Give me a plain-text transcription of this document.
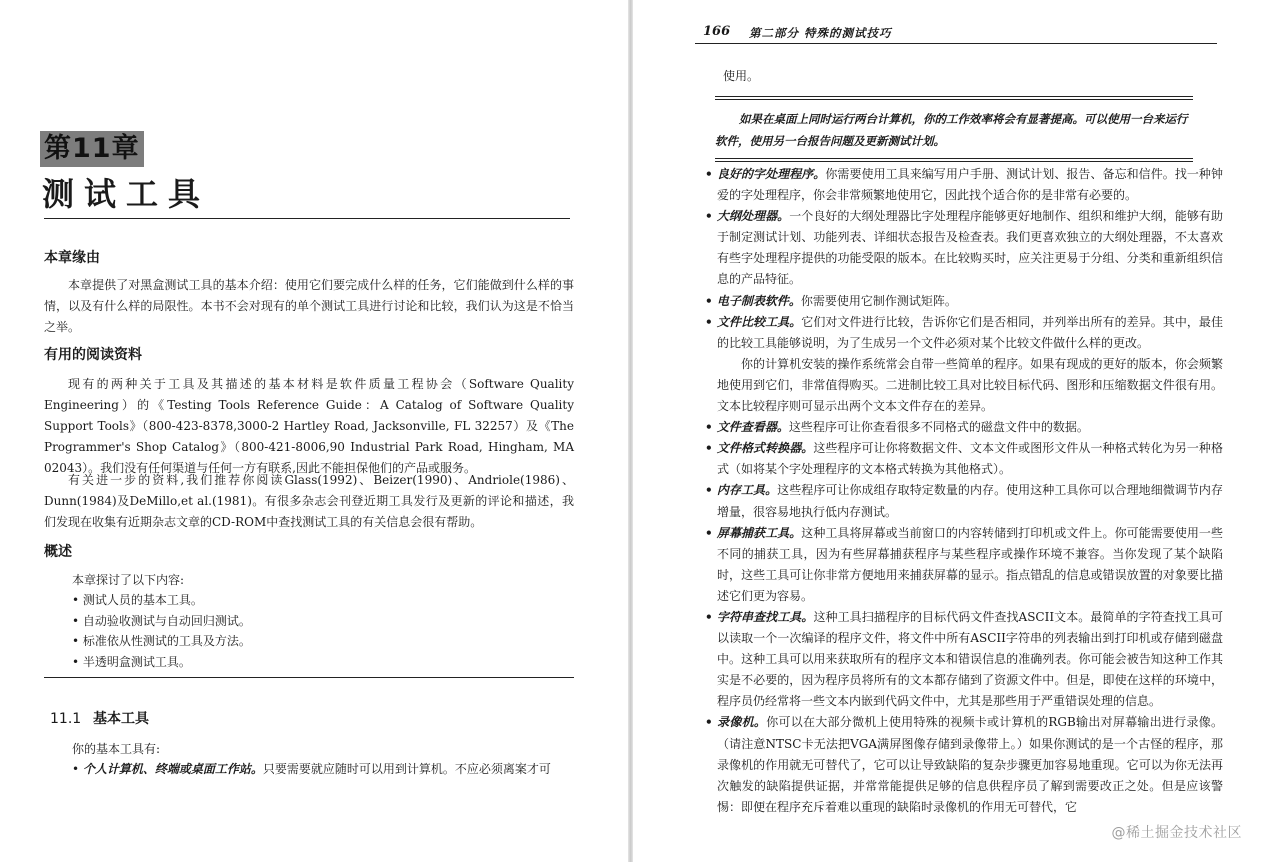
第11章
测试工具
本章缘由

本章提供了对黑盒测试工具的基本介绍：使用它们要完成什么样的任务，它们能做到什么样的事情，以及有什么样的局限性。本书不会对现有的单个测试工具进行讨论和比较，我们认为这是不恰当之举。

有用的阅读资料

现有的两种关于工具及其描述的基本材料是软件质量工程协会（Software Quality Engineering）的《Testing Tools Reference Guide：A Catalog of Software Quality Support Tools》（800-423-8378,3000-2 Hartley Road, Jacksonville, FL 32257）及《The Programmer's Shop Catalog》（800-421-8006,90 Industrial Park Road, Hingham, MA 02043）。我们没有任何渠道与任何一方有联系,因此不能担保他们的产品或服务。

有关进一步的资料,我们推荐你阅读Glass(1992)、Beizer(1990)、Andriole(1986)、Dunn(1984)及DeMillo,et al.(1981)。有很多杂志会刊登近期工具发行及更新的评论和描述，我们发现在收集有近期杂志文章的CD-ROM中查找测试工具的有关信息会很有帮助。

概述

本章探讨了以下内容:

• 测试人员的基本工具。
• 自动验收测试与自动回归测试。
• 标准依从性测试的工具及方法。
• 半透明盒测试工具。
11.1 基本工具

你的基本工具有:

• 个人计算机、终端或桌面工作站。只要需要就应随时可以用到计算机。不应必须离案才可

166 第二部分 特殊的测试技巧

使用。

如果在桌面上同时运行两台计算机，你的工作效率将会有显著提高。可以使用一台来运行软件，使用另一台报告问题及更新测试计划。
• 良好的字处理程序。你需要使用工具来编写用户手册、测试计划、报告、备忘和信件。找一种钟爱的字处理程序，你会非常频繁地使用它，因此找个适合你的是非常有必要的。
• 大纲处理器。一个良好的大纲处理器比字处理程序能够更好地制作、组织和维护大纲，能够有助于制定测试计划、功能列表、详细状态报告及检查表。我们更喜欢独立的大纲处理器，不太喜欢有些字处理程序提供的功能受限的版本。在比较购买时，应关注更易于分组、分类和重新组织信息的产品特征。
• 电子制表软件。你需要使用它制作测试矩阵。
• 文件比较工具。它们对文件进行比较，告诉你它们是否相同，并列举出所有的差异。其中，最佳的比较工具能够说明，为了生成另一个文件必须对某个比较文件做什么样的更改。
你的计算机安装的操作系统常会自带一些简单的程序。如果有现成的更好的版本，你会频繁地使用到它们，非常值得购买。二进制比较工具对比较目标代码、图形和压缩数据文件很有用。文本比较程序则可显示出两个文本文件存在的差异。
• 文件查看器。这些程序可让你查看很多不同格式的磁盘文件中的数据。
• 文件格式转换器。这些程序可让你将数据文件、文本文件或图形文件从一种格式转化为另一种格式（如将某个字处理程序的文本格式转换为其他格式）。
• 内存工具。这些程序可让你成组存取特定数量的内存。使用这种工具你可以合理地细微调节内存增量，很容易地执行低内存测试。
• 屏幕捕获工具。这种工具将屏幕或当前窗口的内容转储到打印机或文件上。你可能需要使用一些不同的捕获工具，因为有些屏幕捕获程序与某些程序或操作环境不兼容。当你发现了某个缺陷时，这些工具可让你非常方便地用来捕获屏幕的显示。指点错乱的信息或错误放置的对象要比描述它们更为容易。
• 字符串查找工具。这种工具扫描程序的目标代码文件查找ASCII文本。最简单的字符查找工具可以读取一个一次编译的程序文件，将文件中所有ASCII字符串的列表输出到打印机或存储到磁盘中。这种工具可以用来获取所有的程序文本和错误信息的准确列表。你可能会被告知这种工作其实是不必要的，因为程序员将所有的文本都存储到了资源文件中。但是，即使在这样的环境中，程序员仍经常将一些文本内嵌到代码文件中，尤其是那些用于严重错误处理的信息。
• 录像机。你可以在大部分微机上使用特殊的视频卡或计算机的RGB输出对屏幕输出进行录像。（请注意NTSC卡无法把VGA满屏图像存储到录像带上。）如果你测试的是一个古怪的程序，那录像机的作用就无可替代了，它可以让导致缺陷的复杂步骤更加容易地重现。它可以为你无法再次触发的缺陷提供证据，并常常能提供足够的信息供程序员了解到需要改正之处。但是应该警惕：即便在程序充斥着难以重现的缺陷时录像机的作用无可替代，它
@稀土掘金技术社区
